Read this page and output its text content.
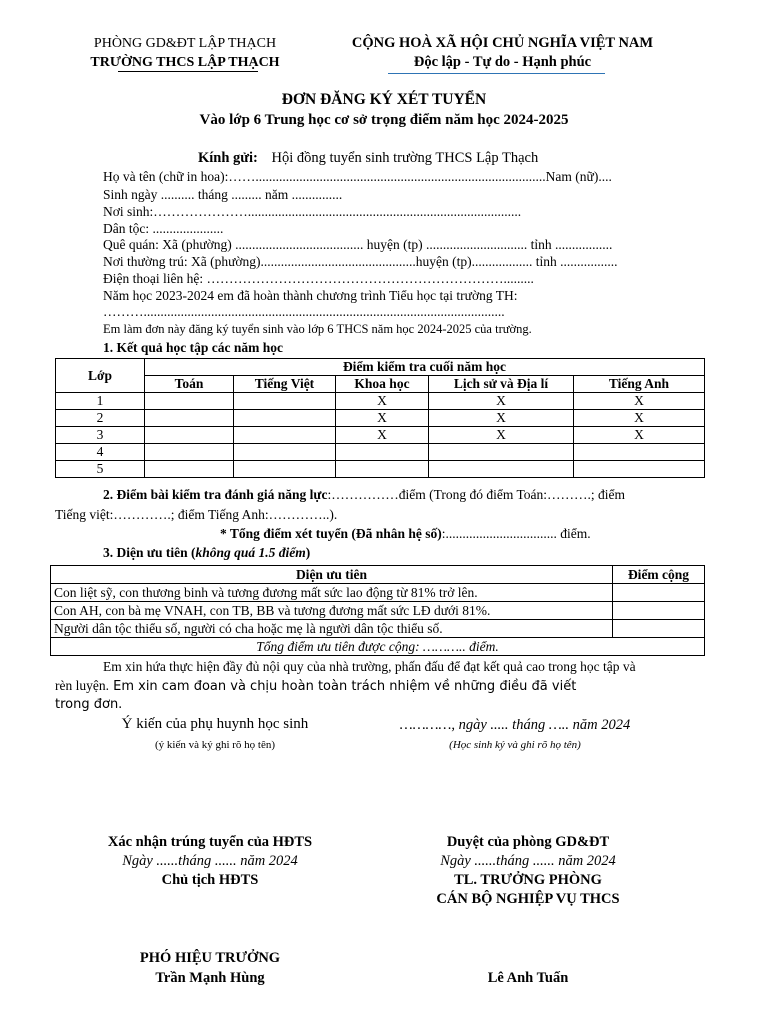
PHÒNG GD&ĐT LẬP THẠCH
TRƯỜNG THCS LẬP THẠCH
CỘNG HOÀ XÃ HỘI CHỦ NGHĨA VIỆT NAM
Độc lập - Tự do - Hạnh phúc
ĐƠN ĐĂNG KÝ XÉT TUYỂN
Vào lớp 6 Trung học cơ sở trọng điểm năm học 2024-2025
Kính gửi: Hội đồng tuyển sinh trường THCS Lập Thạch
Họ và tên (chữ in hoa):……......................................................................................Nam (nữ)....
Sinh ngày .......... tháng ......... năm ...............
Nơi sinh:………………….................................................................................
Dân tộc: .....................
Quê quán: Xã (phường) ...................................... huyện (tp) .............................. tỉnh .................
Nơi thường trú: Xã (phường)..............................................huyện (tp).................. tỉnh .................
Điện thoại liên hệ: ………………………………………………………….........
Năm học 2023-2024 em đã hoàn thành chương trình Tiểu học tại trường TH:
………...........................................................................................................
Em làm đơn này đăng ký tuyển sinh vào lớp 6 THCS năm học 2024-2025 của trường.
1. Kết quả học tập các năm học
Lớp	Điểm kiểm tra cuối năm học				
	Toán	Tiếng Việt	Khoa học	Lịch sử và Địa lí	Tiếng Anh
1			X	X	X
2			X	X	X
3			X	X	X
4					
5					
2. Điểm bài kiểm tra đánh giá năng lực:……………điểm (Trong đó điểm Toán:……….; điểm
Tiếng việt:………….; điểm Tiếng Anh:…………..).
* Tổng điểm xét tuyển (Đã nhân hệ số):................................. điểm.
3. Diện ưu tiên (không quá 1.5 điểm)
Diện ưu tiên	Điểm cộng
Con liệt sỹ, con thương binh và tương đương mất sức lao động từ 81% trở lên.	
Con AH, con bà mẹ VNAH, con TB, BB và tương đương mất sức LĐ dưới 81%.	
Người dân tộc thiểu số, người có cha hoặc mẹ là người dân tộc thiểu số.	
Tổng điểm ưu tiên được cộng: ……….. điểm.	
Em xin hứa thực hiện đầy đủ nội quy của nhà trường, phấn đấu để đạt kết quả cao trong học tập và
rèn luyện. Em xin cam đoan và chịu hoàn toàn trách nhiệm về những điều đã viết
trong đơn.
Ý kiến của phụ huynh học sinh
(ý kiến và ký ghi rõ họ tên)
…………, ngày ..... tháng ….. năm 2024
(Học sinh ký và ghi rõ họ tên)
Xác nhận trúng tuyển của HĐTS
Ngày ......tháng ...... năm 2024
Chủ tịch HĐTS
Duyệt của phòng GD&ĐT
Ngày ......tháng ...... năm 2024
TL. TRƯỞNG PHÒNG
CÁN BỘ NGHIỆP VỤ THCS
PHÓ HIỆU TRƯỞNG
Trần Mạnh Hùng	Lê Anh Tuấn
